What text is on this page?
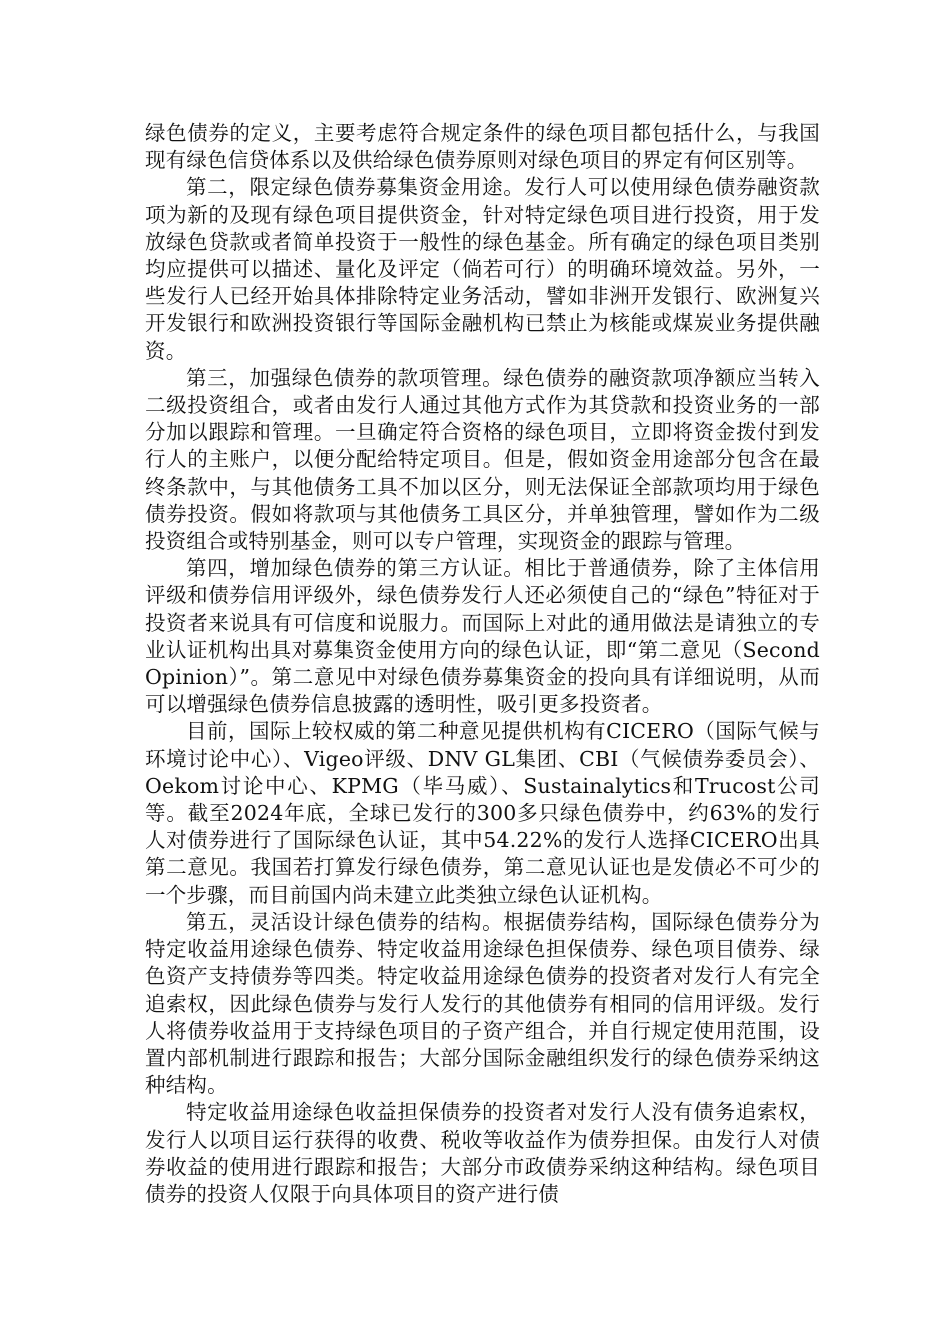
绿色债券的定义，主要考虑符合规定条件的绿色项目都包括什么，与我国现有绿色信贷体系以及供给绿色债券原则对绿色项目的界定有何区别等。

第二，限定绿色债券募集资金用途。发行人可以使用绿色债券融资款项为新的及现有绿色项目提供资金，针对特定绿色项目进行投资，用于发放绿色贷款或者简单投资于一般性的绿色基金。所有确定的绿色项目类别均应提供可以描述、量化及评定（倘若可行）的明确环境效益。另外，一些发行人已经开始具体排除特定业务活动，譬如非洲开发银行、欧洲复兴开发银行和欧洲投资银行等国际金融机构已禁止为核能或煤炭业务提供融资。

第三，加强绿色债券的款项管理。绿色债券的融资款项净额应当转入二级投资组合，或者由发行人通过其他方式作为其贷款和投资业务的一部分加以跟踪和管理。一旦确定符合资格的绿色项目，立即将资金拨付到发行人的主账户，以便分配给特定项目。但是，假如资金用途部分包含在最终条款中，与其他债务工具不加以区分，则无法保证全部款项均用于绿色债券投资。假如将款项与其他债务工具区分，并单独管理，譬如作为二级投资组合或特别基金，则可以专户管理，实现资金的跟踪与管理。

第四，增加绿色债券的第三方认证。相比于普通债券，除了主体信用评级和债券信用评级外，绿色债券发行人还必须使自己的“绿色”特征对于投资者来说具有可信度和说服力。而国际上对此的通用做法是请独立的专业认证机构出具对募集资金使用方向的绿色认证，即“第二意见（Second Opinion）”。第二意见中对绿色债券募集资金的投向具有详细说明，从而可以增强绿色债券信息披露的透明性，吸引更多投资者。

目前，国际上较权威的第二种意见提供机构有CICERO（国际气候与环境讨论中心）、Vigeo评级、DNV GL集团、CBI（气候债券委员会）、Oekom讨论中心、KPMG（毕马威）、Sustainalytics和Trucost公司等。截至2024年底，全球已发行的300多只绿色债券中，约63%的发行人对债券进行了国际绿色认证，其中54.22%的发行人选择CICERO出具第二意见。我国若打算发行绿色债券，第二意见认证也是发债必不可少的一个步骤，而目前国内尚未建立此类独立绿色认证机构。

第五，灵活设计绿色债券的结构。根据债券结构，国际绿色债券分为特定收益用途绿色债券、特定收益用途绿色担保债券、绿色项目债券、绿色资产支持债券等四类。特定收益用途绿色债券的投资者对发行人有完全追索权，因此绿色债券与发行人发行的其他债券有相同的信用评级。发行人将债券收益用于支持绿色项目的子资产组合，并自行规定使用范围，设置内部机制进行跟踪和报告；大部分国际金融组织发行的绿色债券采纳这种结构。

特定收益用途绿色收益担保债券的投资者对发行人没有债务追索权，发行人以项目运行获得的收费、税收等收益作为债券担保。由发行人对债券收益的使用进行跟踪和报告；大部分市政债券采纳这种结构。绿色项目债券的投资人仅限于向具体项目的资产进行债
